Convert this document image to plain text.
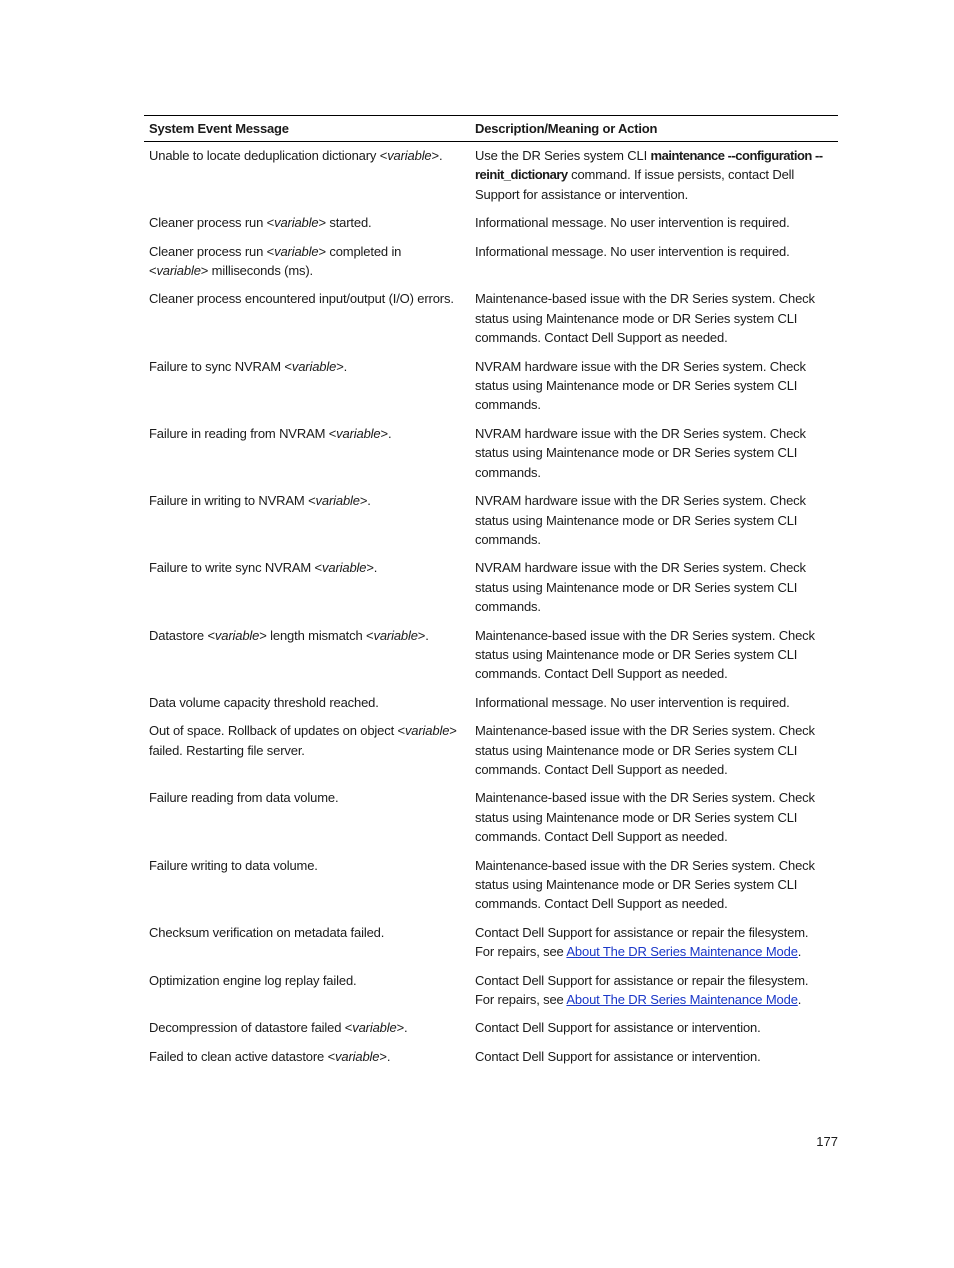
System Event Message	Description/Meaning or Action
Unable to locate deduplication dictionary <variable>.	Use the DR Series system CLI maintenance --configuration --
reinit_dictionary command. If issue persists, contact Dell
Support for assistance or intervention.
Cleaner process run <variable> started.	Informational message. No user intervention is required.
Cleaner process run <variable> completed in
<variable> milliseconds (ms).	Informational message. No user intervention is required.
Cleaner process encountered input/output (I/O) errors.	Maintenance-based issue with the DR Series system. Check
status using Maintenance mode or DR Series system CLI
commands. Contact Dell Support as needed.
Failure to sync NVRAM <variable>.	NVRAM hardware issue with the DR Series system. Check
status using Maintenance mode or DR Series system CLI
commands.
Failure in reading from NVRAM <variable>.	NVRAM hardware issue with the DR Series system. Check
status using Maintenance mode or DR Series system CLI
commands.
Failure in writing to NVRAM <variable>.	NVRAM hardware issue with the DR Series system. Check
status using Maintenance mode or DR Series system CLI
commands.
Failure to write sync NVRAM <variable>.	NVRAM hardware issue with the DR Series system. Check
status using Maintenance mode or DR Series system CLI
commands.
Datastore <variable> length mismatch <variable>.	Maintenance-based issue with the DR Series system. Check
status using Maintenance mode or DR Series system CLI
commands. Contact Dell Support as needed.
Data volume capacity threshold reached.	Informational message. No user intervention is required.
Out of space. Rollback of updates on object <variable>
failed. Restarting file server.	Maintenance-based issue with the DR Series system. Check
status using Maintenance mode or DR Series system CLI
commands. Contact Dell Support as needed.
Failure reading from data volume.	Maintenance-based issue with the DR Series system. Check
status using Maintenance mode or DR Series system CLI
commands. Contact Dell Support as needed.
Failure writing to data volume.	Maintenance-based issue with the DR Series system. Check
status using Maintenance mode or DR Series system CLI
commands. Contact Dell Support as needed.
Checksum verification on metadata failed.	Contact Dell Support for assistance or repair the filesystem.
For repairs, see About The DR Series Maintenance Mode.
Optimization engine log replay failed.	Contact Dell Support for assistance or repair the filesystem.
For repairs, see About The DR Series Maintenance Mode.
Decompression of datastore failed <variable>.	Contact Dell Support for assistance or intervention.
Failed to clean active datastore <variable>.	Contact Dell Support for assistance or intervention.
177
